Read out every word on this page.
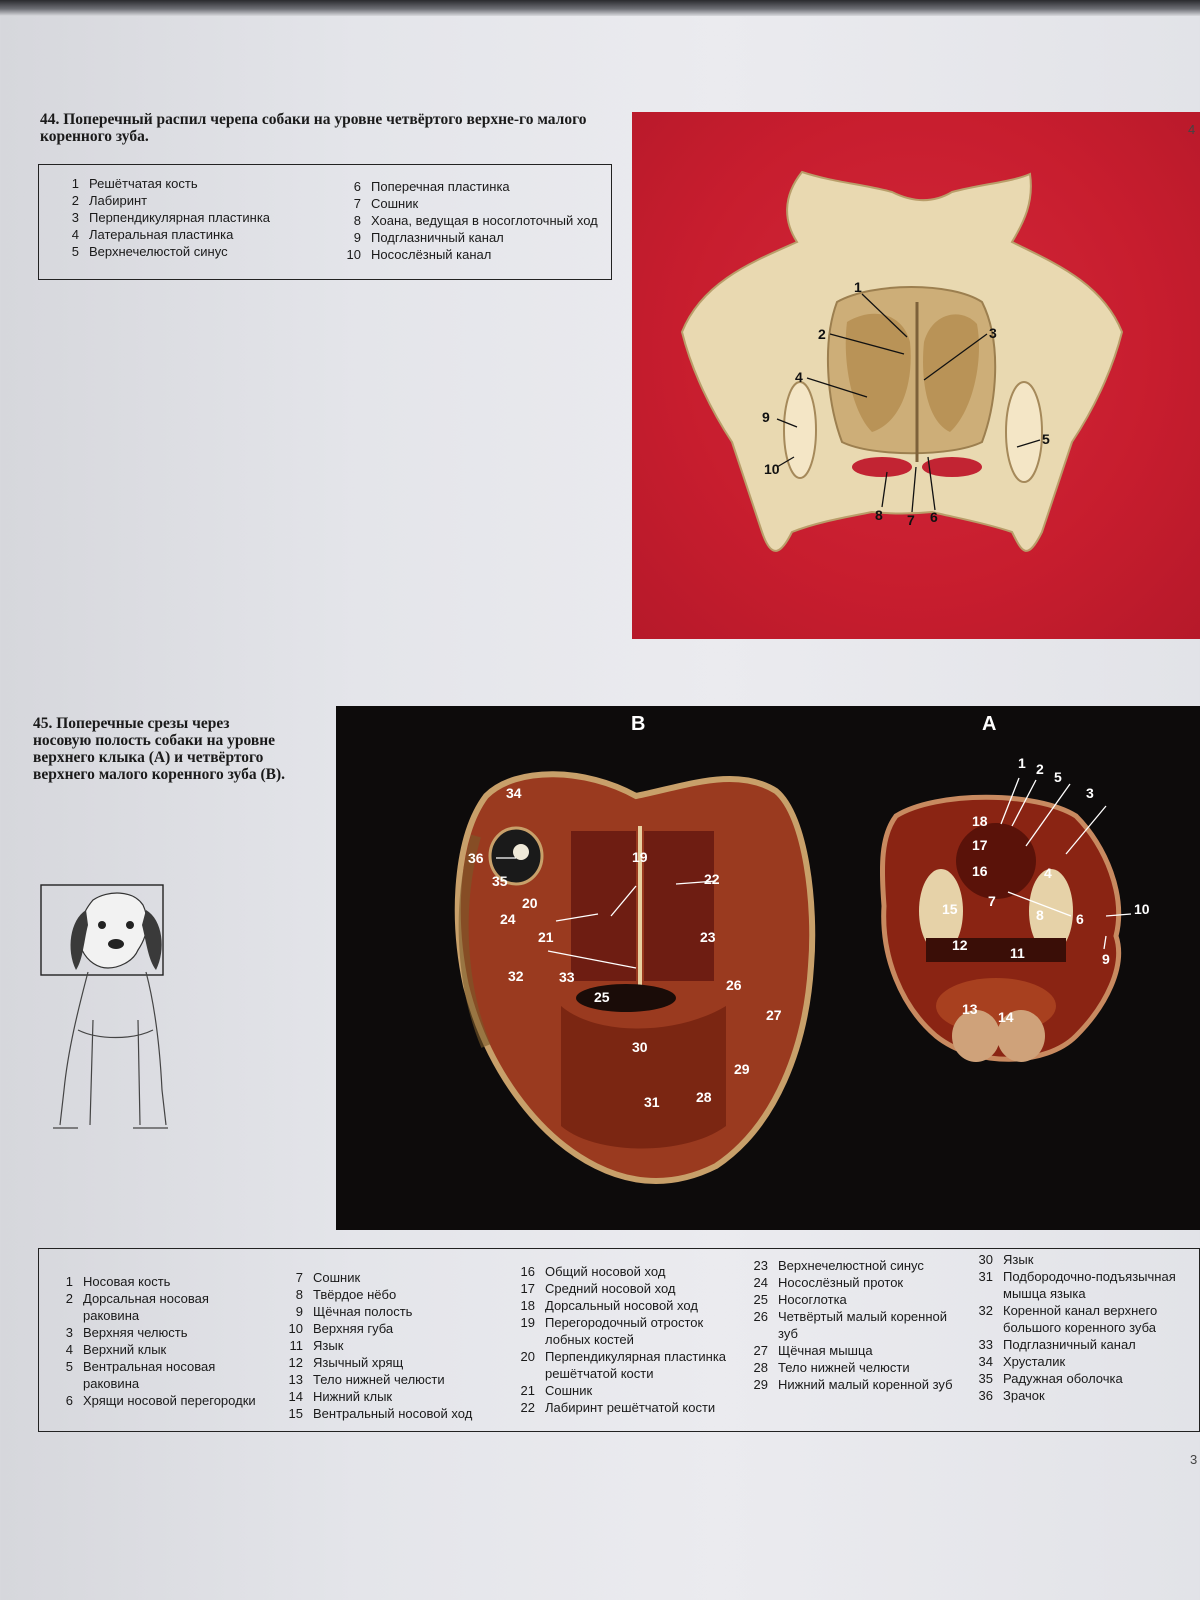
44. Поперечный распил черепа собаки на уровне четвёртого верхне-го малого коренного зуба.
1 Решётчатая кость
2 Лабиринт
3 Перпендикулярная пластинка
4 Латеральная пластинка
5 Верхнечелюстой синус
6 Поперечная пластинка
7 Сошник
8 Хоана, ведущая в носоглоточный ход
9 Подглазничный канал
10 Носослёзный канал
1
2	3
4
5
6
7
8
9
10
4
45. Поперечные срезы через носовую полость собаки на уровне верхнего клыка (А) и четвёртого верхнего малого коренного зуба (В).
34
36
35
19
22
20
24
21	23
32	33
25
26
27
30
29
31	28
B
1 2 5
3
18
17
16	4
7
15	8 6
10
12	11	9
13 14
A
1 Носовая кость
2 Дорсальная носовая раковина
3 Верхняя челюсть
4 Верхний клык
5 Вентральная носовая раковина
6 Хрящи носовой перегородки
7 Сошник
8 Твёрдое нёбо
9 Щёчная полость
10 Верхняя губа
11 Язык
12 Язычный хрящ
13 Тело нижней челюсти
14 Нижний клык
15 Вентральный носовой ход
16 Общий носовой ход
17 Средний носовой ход
18 Дорсальный носовой ход
19 Перегородочный отросток лобных костей
20 Перпендикулярная пластинка решётчатой кости
21 Сошник
22 Лабиринт решётчатой кости
23 Верхнечелюстной синус
24 Носослёзный проток
25 Носоглотка
26 Четвёртый малый коренной зуб
27 Щёчная мышца
28 Тело нижней челюсти
29 Нижний малый коренной зуб
30 Язык
31 Подбородочно-подъязычная мышца языка
32 Коренной канал верхнего большого коренного зуба
33 Подглазничный канал
34 Хрусталик
35 Радужная оболочка
36 Зрачок
3
